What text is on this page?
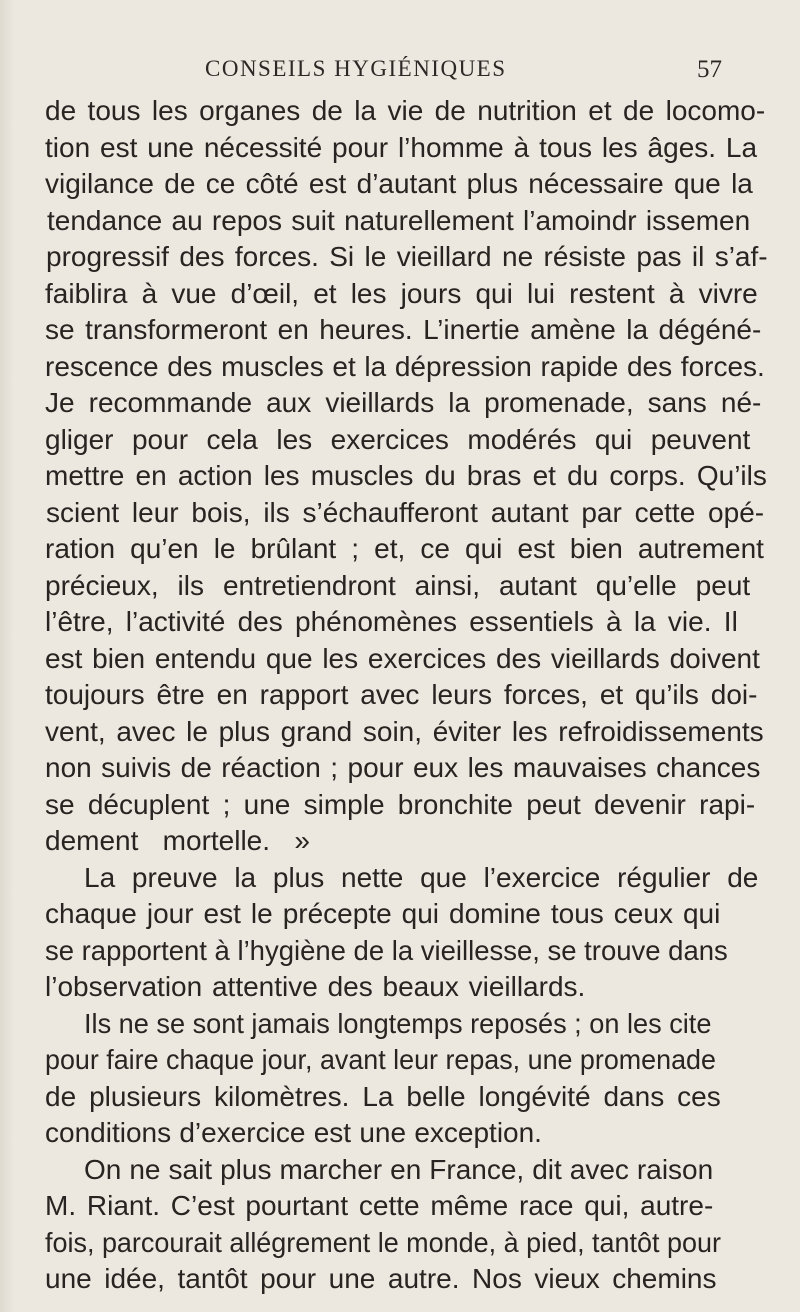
CONSEILS HYGIÉNIQUES	57
de tous les organes de la vie de nutrition et de locomo-
tion est une nécessité pour l’homme à tous les âges. La
vigilance de ce côté est d’autant plus nécessaire que la
tendance au repos suit naturellement l’amoindr issemen
progressif des forces. Si le vieillard ne résiste pas il s’af-
faiblira à vue d’œil, et les jours qui lui restent à vivre
se transformeront en heures. L’inertie amène la dégéné-
rescence des muscles et la dépression rapide des forces.
Je recommande aux vieillards la promenade, sans né-
gliger pour cela les exercices modérés qui peuvent
mettre en action les muscles du bras et du corps. Qu’ils
scient leur bois, ils s’échaufferont autant par cette opé-
ration qu’en le brûlant ; et, ce qui est bien autrement
précieux, ils entretiendront ainsi, autant qu’elle peut
l’être, l’activité des phénomènes essentiels à la vie. Il
est bien entendu que les exercices des vieillards doivent
toujours être en rapport avec leurs forces, et qu’ils doi-
vent, avec le plus grand soin, éviter les refroidissements
non suivis de réaction ; pour eux les mauvaises chances
se décuplent ; une simple bronchite peut devenir rapi-
dement mortelle. »
La preuve la plus nette que l’exercice régulier de
chaque jour est le précepte qui domine tous ceux qui
se rapportent à l’hygiène de la vieillesse, se trouve dans
l’observation attentive des beaux vieillards.
Ils ne se sont jamais longtemps reposés ; on les cite
pour faire chaque jour, avant leur repas, une promenade
de plusieurs kilomètres. La belle longévité dans ces
conditions d’exercice est une exception.
On ne sait plus marcher en France, dit avec raison
M. Riant. C’est pourtant cette même race qui, autre-
fois, parcourait allégrement le monde, à pied, tantôt pour
une idée, tantôt pour une autre. Nos vieux chemins
